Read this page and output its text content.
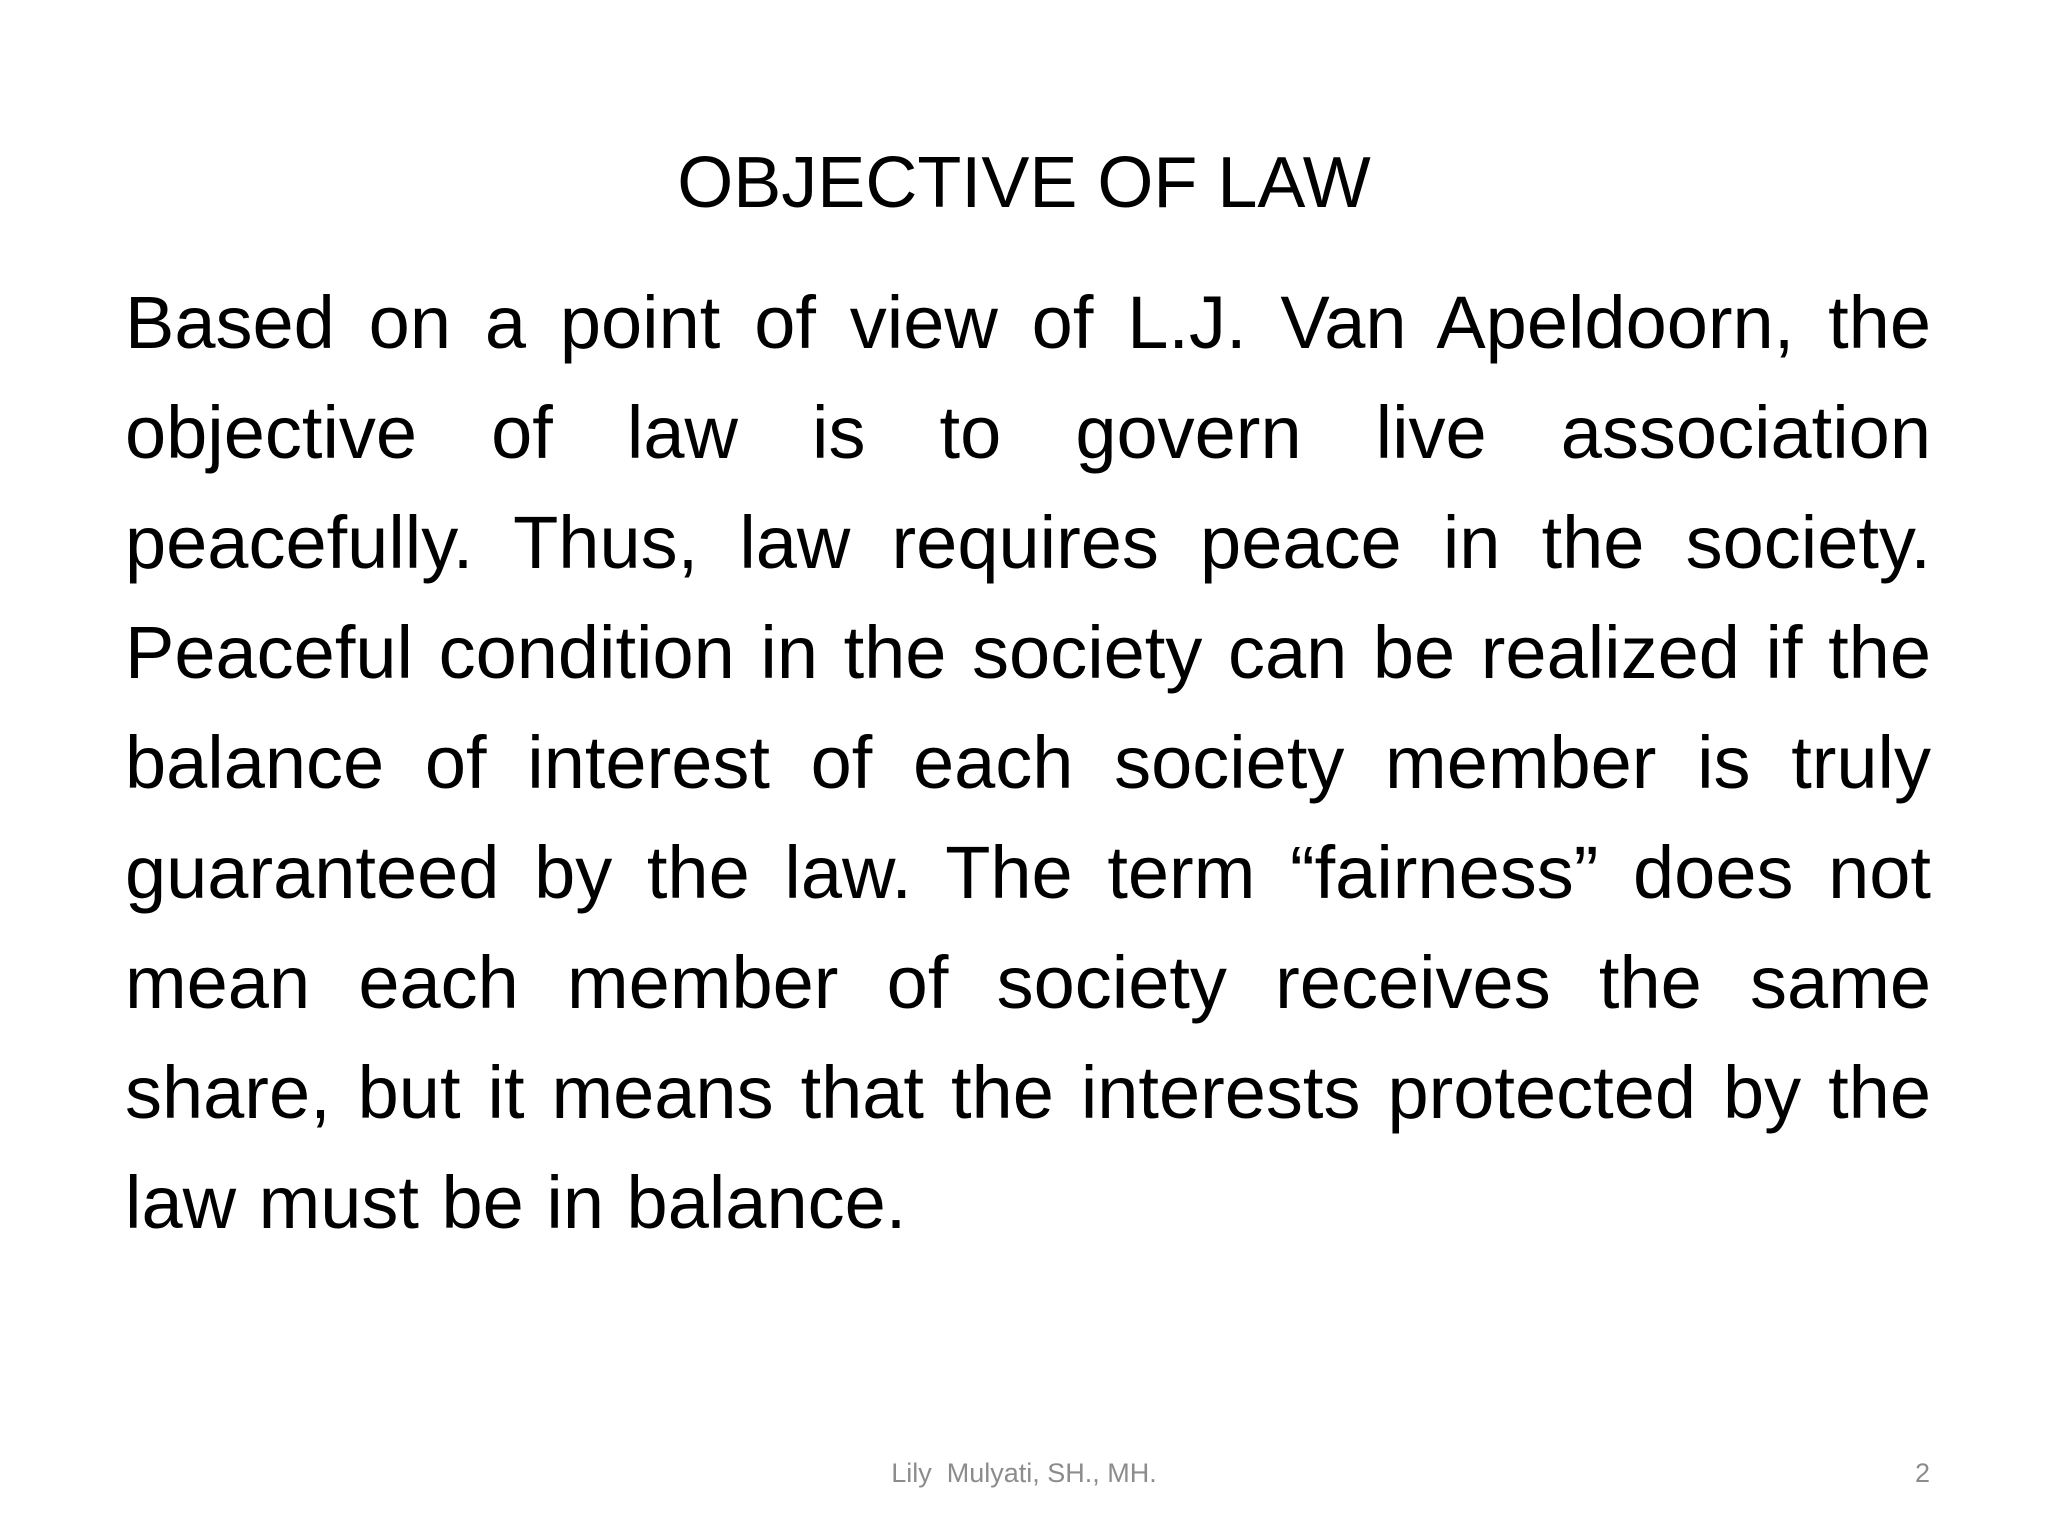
OBJECTIVE OF LAW
Based on a point of view of L.J. Van Apeldoorn, the objective of law is to govern live association peacefully. Thus, law requires peace in the society. Peaceful condition in the society can be realized if the balance of interest of each society member is truly guaranteed by the law. The term “fairness” does not mean each member of society receives the same share, but it means that the interests protected by the law must be in balance.
Lily  Mulyati, SH., MH.	2
